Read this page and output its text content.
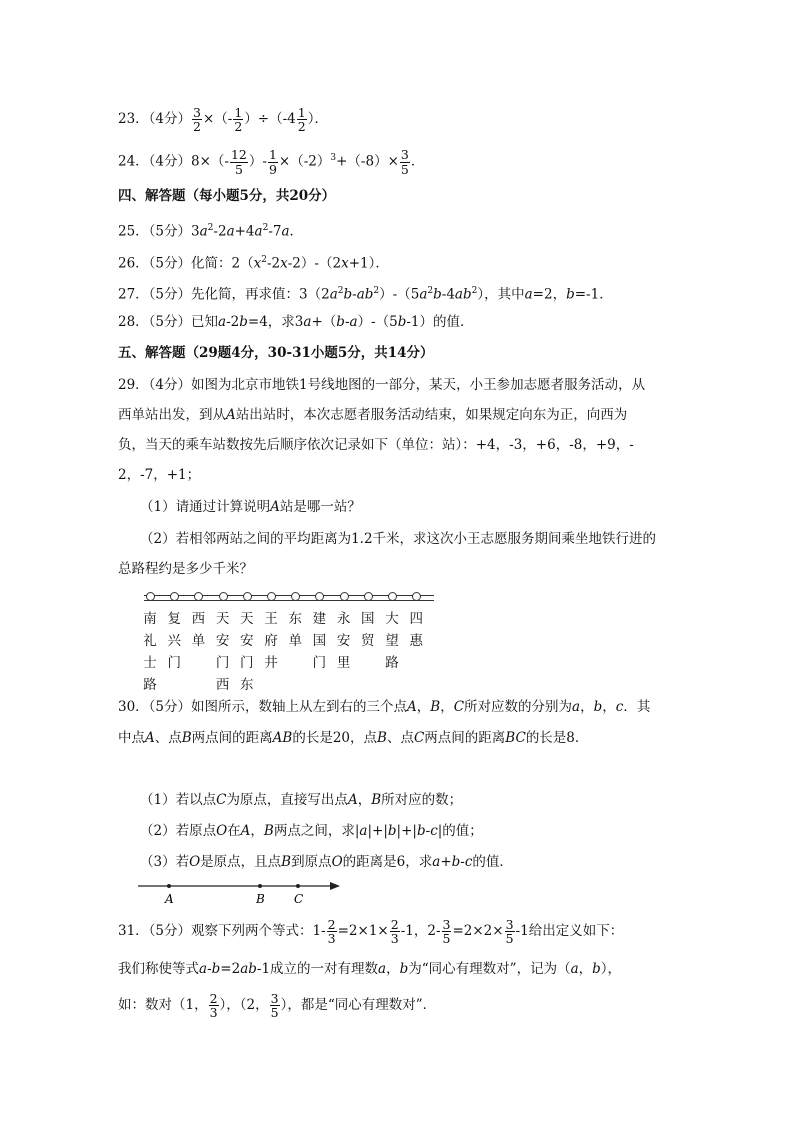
23．（4分） $\frac{3}{2}$ ×（- $\frac{1}{2} )\div(-4 \frac{1}{2}$ ）．
24．（4分）$8\times(- \frac{12}{5}$ ）- $\frac{1}{9} \times(-2)^3+(-8)\times \frac{3}{5}$ ．
四、解答题（每小题5分，共20分）
25．（5分）$3a^2-2a+4a^2-7a$．
26．（5分）化简：$2(x^2-2x-2)-(2x+1)$．
27．（5分）先化简，再求值：$3(2a^2b-ab^2)-(5a^2b-4ab^2)$，其中a=2，b=-1．
28．（5分）已知a-2b=4，求3a+（b-a）-（5b-1）的值．
五、解答题（29题4分，30-31小题5分，共14分）
29．（4分）如图为北京市地铁1号线地图的一部分，某天，小王参加志愿者服务活动，从
西单站出发，到从A站出站时，本次志愿者服务活动结束，如果规定向东为正，向西为
负，当天的乘车站数按先后顺序依次记录如下（单位：站）：+4，-3，+6，-8，+9，-
2，-7，+1；
（1）请通过计算说明A站是哪一站？
（2）若相邻两站之间的平均距离为1.2千米，求这次小王志愿服务期间乘坐地铁行进的
总路程约是多少千米？
南
礼
士
路
复
兴
门
西
单
天
安
门
西
天
安
门
东
王
府
井
东
单
建
国
门
永
安
里
国
贸
大
望
路
四
惠
30．（5分）如图所示，数轴上从左到右的三个点A，B，C所对应数的分别为a，b，c．其
中点A、点B两点间的距离AB的长是20，点B、点C两点间的距离BC的长是8．
（1）若以点C为原点，直接写出点A，B所对应的数；
（2）若原点O在A，B两点之间，求|a|+|b|+|b-c|的值；
（3）若O是原点，且点B到原点O的距离是6，求a+b-c的值．
A	B C
31．（5分）观察下列两个等式：$1- \frac{2}{3} =2\times 1\times \frac{2}{3} -1$，$2- \frac{3}{5} =2\times 2\times \frac{3}{5} -1$给出定义如下：
我们称使等式a-b=2ab-1成立的一对有理数a，b为“同心有理数对”，记为（a，b），
如：数对（1， $\frac{2}{3}$ ），（2， $\frac{3}{5}$ ），都是“同心有理数对”．
